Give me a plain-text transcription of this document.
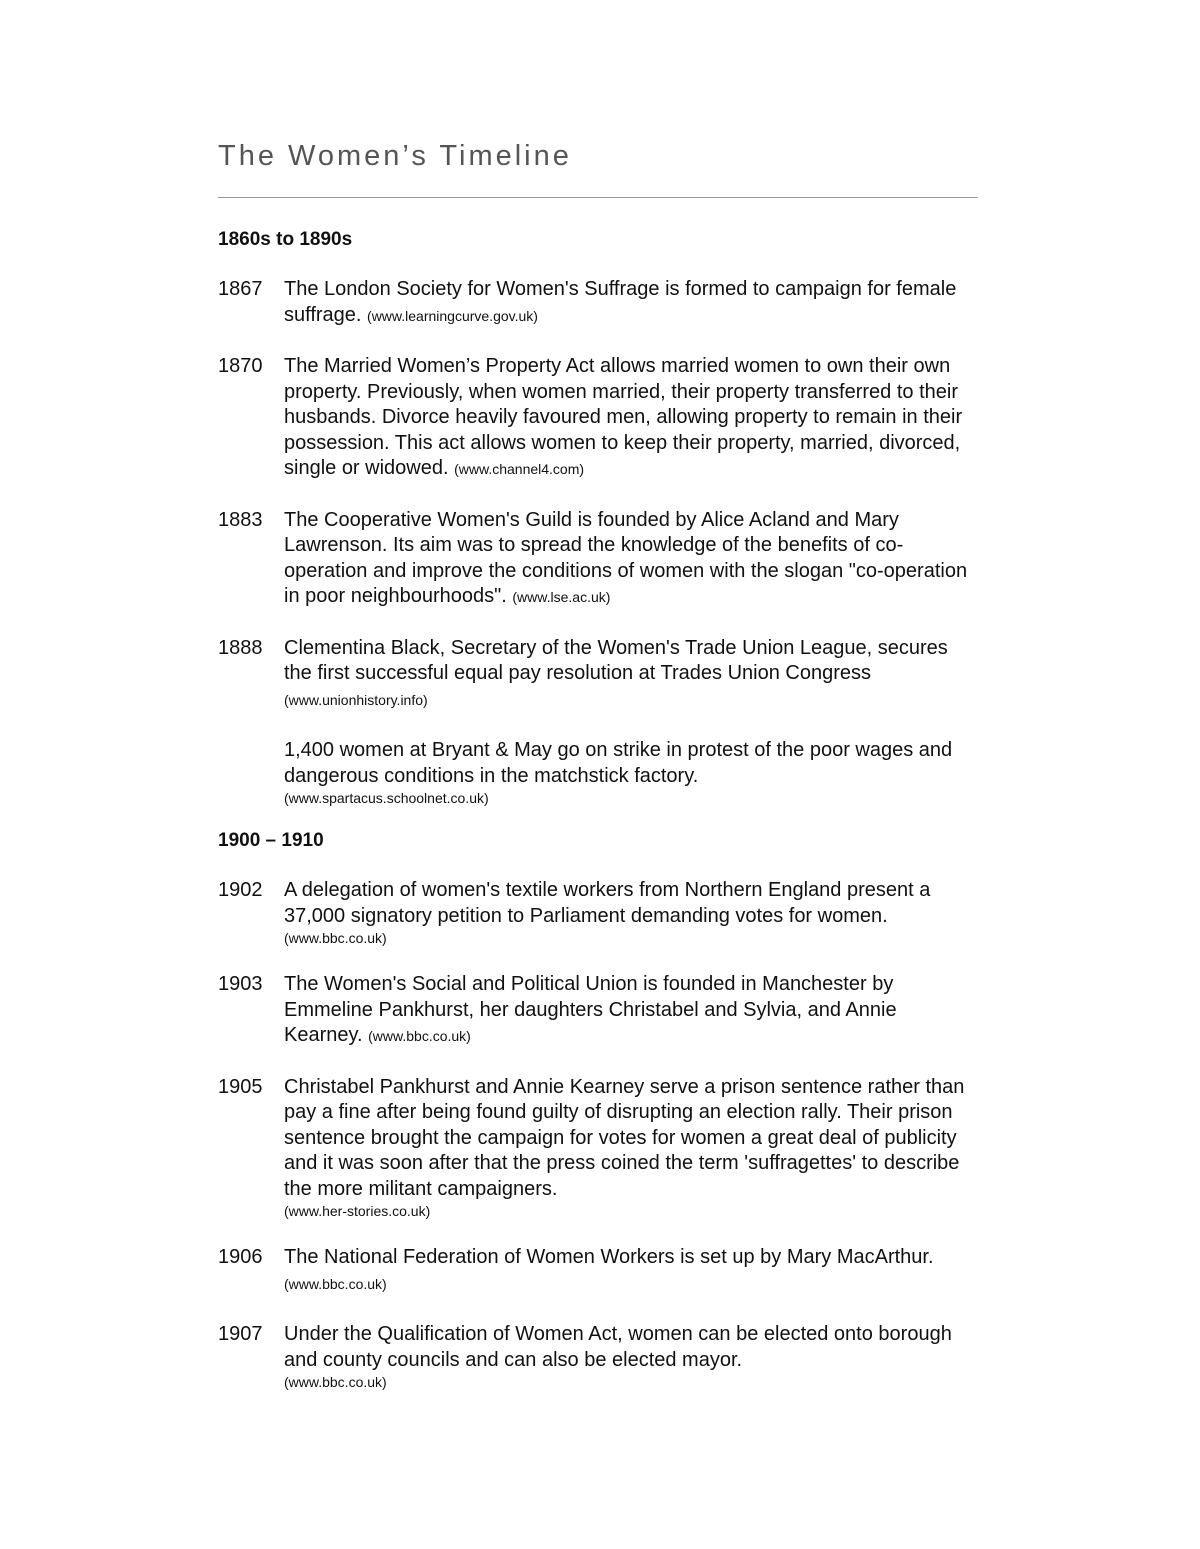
The Women’s Timeline
1860s to 1890s
1867	The London Society for Women's Suffrage is formed to campaign for female suffrage. (www.learningcurve.gov.uk)
1870	The Married Women’s Property Act allows married women to own their own property. Previously, when women married, their property transferred to their husbands. Divorce heavily favoured men, allowing property to remain in their possession. This act allows women to keep their property, married, divorced, single or widowed. (www.channel4.com)
1883	The Cooperative Women's Guild is founded by Alice Acland and Mary Lawrenson. Its aim was to spread the knowledge of the benefits of co-operation and improve the conditions of women with the slogan "co-operation in poor neighbourhoods". (www.lse.ac.uk)
1888	Clementina Black, Secretary of the Women's Trade Union League, secures the first successful equal pay resolution at Trades Union Congress (www.unionhistory.info)
1,400 women at Bryant & May go on strike in protest of the poor wages and dangerous conditions in the matchstick factory.
(www.spartacus.schoolnet.co.uk)
1900 – 1910
1902	A delegation of women's textile workers from Northern England present a 37,000 signatory petition to Parliament demanding votes for women.
(www.bbc.co.uk)
1903	The Women's Social and Political Union is founded in Manchester by Emmeline Pankhurst, her daughters Christabel and Sylvia, and Annie Kearney. (www.bbc.co.uk)
1905	Christabel Pankhurst and Annie Kearney serve a prison sentence rather than pay a fine after being found guilty of disrupting an election rally. Their prison sentence brought the campaign for votes for women a great deal of publicity and it was soon after that the press coined the term 'suffragettes' to describe the more militant campaigners.
(www.her-stories.co.uk)
1906	The National Federation of Women Workers is set up by Mary MacArthur. (www.bbc.co.uk)
1907	Under the Qualification of Women Act, women can be elected onto borough and county councils and can also be elected mayor.
(www.bbc.co.uk)
